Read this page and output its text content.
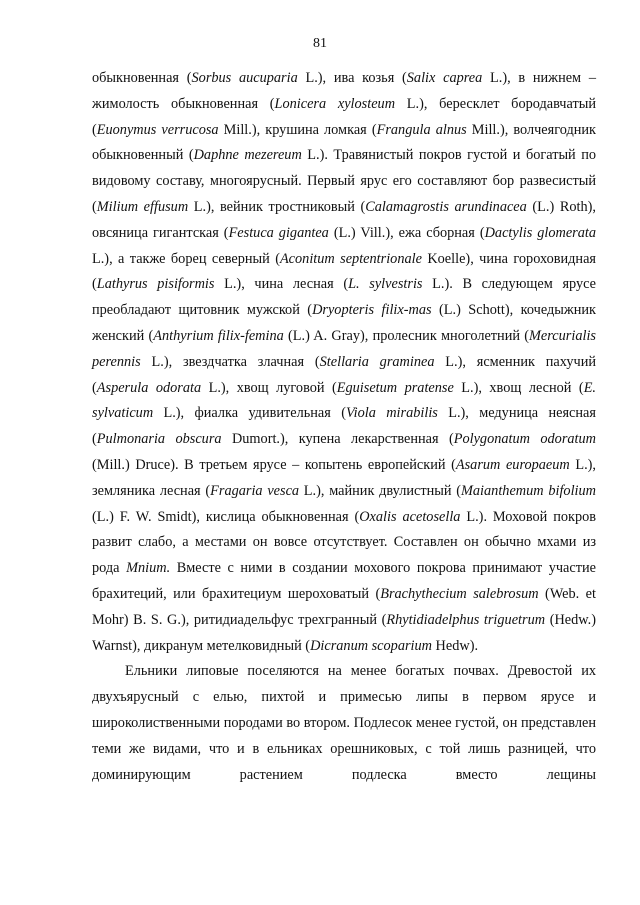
81

обыкновенная (Sorbus aucuparia L.), ива козья (Salix caprea L.), в нижнем – жимолость обыкновенная (Lonicera xylosteum L.), бересклет бородавчатый (Euonymus verrucosa Mill.), крушина ломкая (Frangula alnus Mill.), волчеягодник обыкновенный (Daphne mezereum L.). Травянистый покров густой и богатый по видовому составу, многоярусный. Первый ярус его составляют бор развесистый (Milium effusum L.), вейник тростниковый (Calamagrostis arundinacea (L.) Roth), овсяница гигантская (Festuca gigantea (L.) Vill.), ежа сборная (Dactylis glomerata L.), а также борец северный (Aconitum septentrionale Koelle), чина гороховидная (Lathyrus pisiformis L.), чина лесная (L. sylvestris L.). В следующем ярусе преобладают щитовник мужской (Dryopteris filix-mas (L.) Schott), кочедыжник женский (Anthyrium filix-femina (L.) A. Gray), пролесник многолетний (Mercurialis perennis L.), звездчатка злачная (Stellaria graminea L.), ясменник пахучий (Asperula odorata L.), хвощ луговой (Eguisetum pratense L.), хвощ лесной (E. sylvaticum L.), фиалка удивительная (Viola mirabilis L.), медуница неясная (Pulmonaria obscura Dumort.), купена лекарственная (Polygonatum odoratum (Mill.) Druce). В третьем ярусе – копытень европейский (Asarum europaeum L.), земляника лесная (Fragaria vesca L.), майник двулистный (Maianthemum bifolium (L.) F. W. Smidt), кислица обыкновенная (Oxalis acetosella L.). Моховой покров развит слабо, а местами он вовсе отсутствует. Составлен он обычно мхами из рода Mnium. Вместе с ними в создании мохового покрова принимают участие брахитеций, или брахитециум шероховатый (Brachythecium salebrosum (Web. et Mohr) B. S. G.), ритидиадельфус трехгранный (Rhytidiadelphus triguetrum (Hedw.) Warnst), дикранум метелковидный (Dicranum scoparium Hedw).

Ельники липовые поселяются на менее богатых почвах. Древостой их двухъярусный с елью, пихтой и примесью липы в первом ярусе и широколиственными породами во втором. Подлесок менее густой, он представлен теми же видами, что и в ельниках орешниковых, с той лишь разницей, что доминирующим растением подлеска вместо лещины
